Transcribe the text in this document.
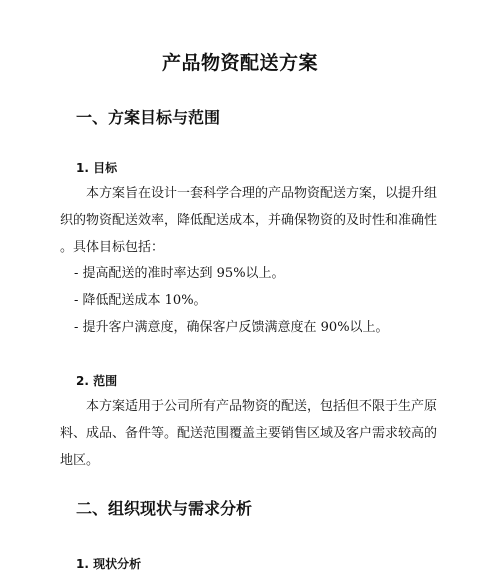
产品物资配送方案
一、方案目标与范围
1. 目标
本方案旨在设计一套科学合理的产品物资配送方案，以提升组
织的物资配送效率，降低配送成本，并确保物资的及时性和准确性
。具体目标包括：
- 提高配送的准时率达到 95%以上。
- 降低配送成本 10%。
- 提升客户满意度，确保客户反馈满意度在 90%以上。
2. 范围
本方案适用于公司所有产品物资的配送，包括但不限于生产原
料、成品、备件等。配送范围覆盖主要销售区域及客户需求较高的
地区。
二、组织现状与需求分析
1. 现状分析
